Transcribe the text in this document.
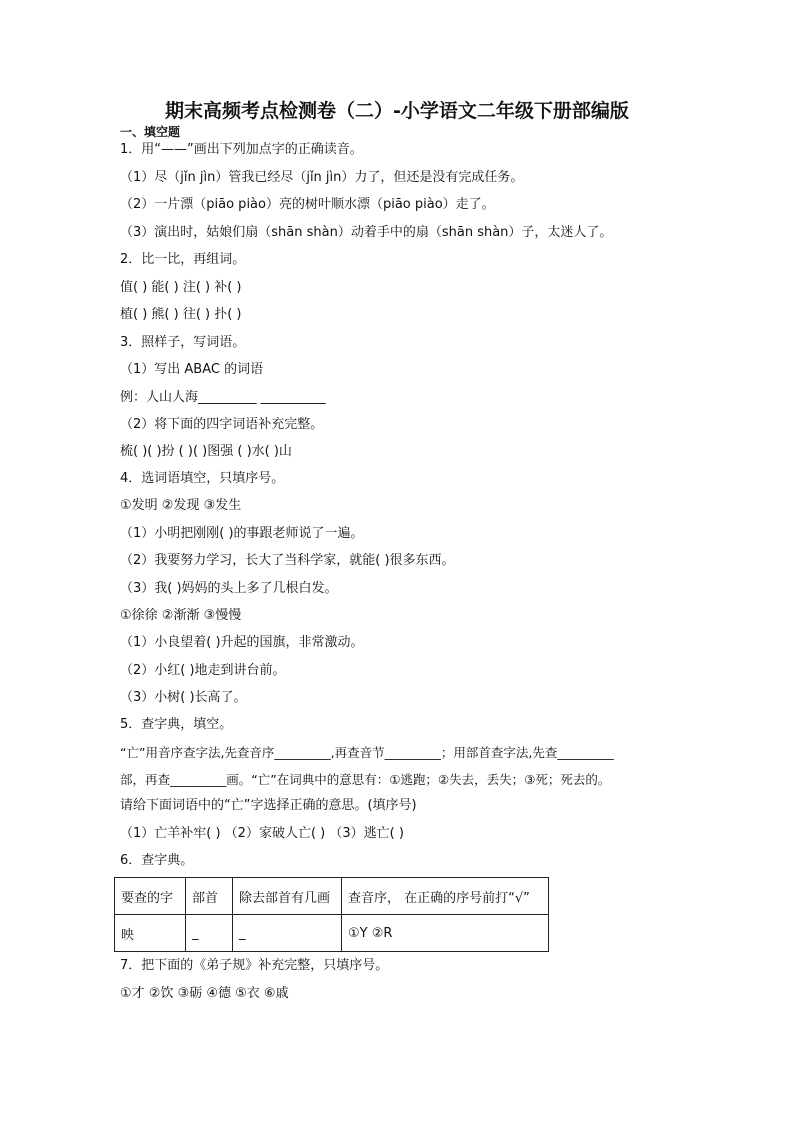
期末高频考点检测卷（二）-小学语文二年级下册部编版
一、填空题
1．用“——”画出下列加点字的正确读音。
（1）尽（jǐn jìn）管我已经尽（jǐn jìn）力了，但还是没有完成任务。
（2）一片漂（piāo piào）亮的树叶顺水漂（piāo piào）走了。
（3）演出时，姑娘们扇（shān shàn）动着手中的扇（shān shàn）子，太迷人了。
2．比一比，再组词。
值( ) 能( ) 注( ) 补( )
植( ) 熊( ) 往( ) 扑( )
3．照样子，写词语。
（1）写出 ABAC 的词语
例：人山人海_________ __________
（2）将下面的四字词语补充完整。
梳( )( )扮 ( )( )图强 ( )水( )山
4．选词语填空，只填序号。
①发明 ②发现 ③发生
（1）小明把刚刚( )的事跟老师说了一遍。
（2）我要努力学习，长大了当科学家，就能( )很多东西。
（3）我( )妈妈的头上多了几根白发。
①徐徐 ②渐渐 ③慢慢
（1）小良望着( )升起的国旗，非常激动。
（2）小红( )地走到讲台前。
（3）小树( )长高了。
5．查字典，填空。
“亡”用音序查字法,先查音序_________,再查音节_________；用部首查字法,先查_________
部，再查_________画。“亡”在词典中的意思有：①逃跑；②失去，丢失；③死；死去的。
请给下面词语中的“亡”字选择正确的意思。(填序号)
（1）亡羊补牢( ) （2）家破人亡( ) （3）逃亡( )
6．查字典。
要查的字	部首	除去部首有几画	查音序， 在正确的序号前打“√”
映	_	_	①Y ②R
7．把下面的《弟子规》补充完整，只填序号。
①才 ②饮 ③砺 ④德 ⑤衣 ⑥戚
